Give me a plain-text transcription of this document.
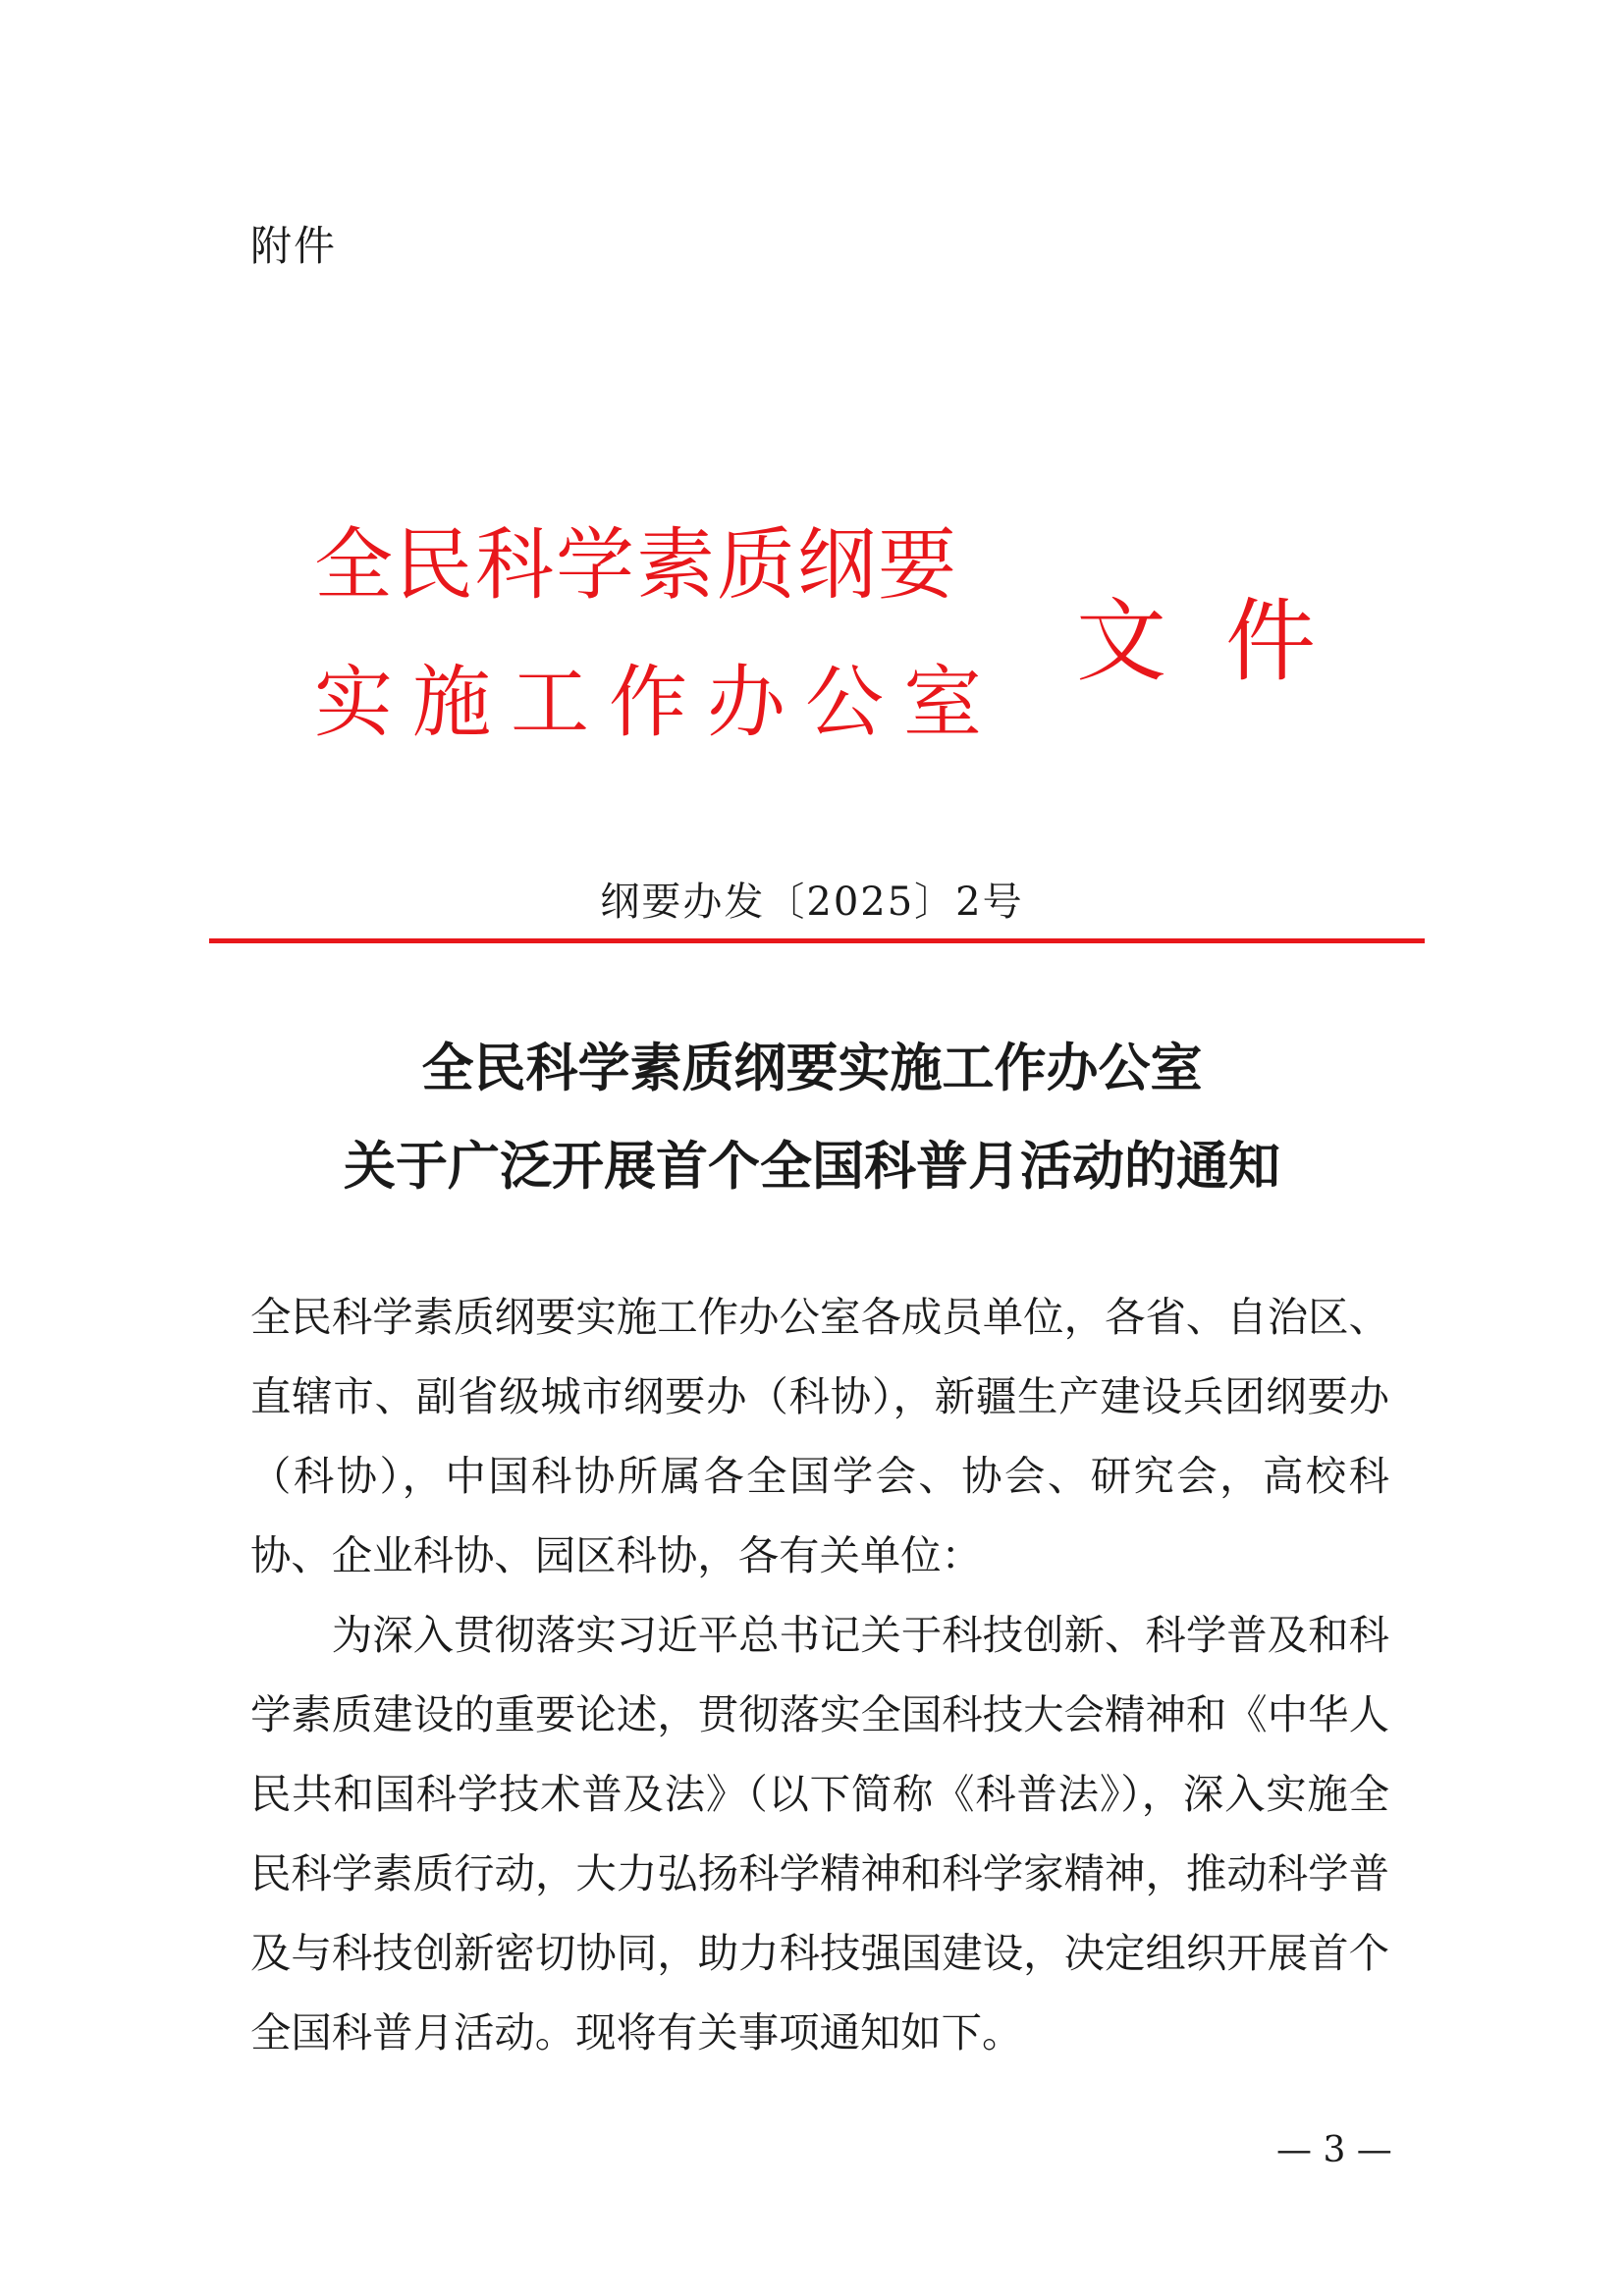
附件
全民科学素质纲要
实施工作办公室
文件
纲要办发〔2025〕2号
全民科学素质纲要实施工作办公室
关于广泛开展首个全国科普月活动的通知

全民科学素质纲要实施工作办公室各成员单位，各省、自治区、直辖市、副省级城市纲要办（科协），新疆生产建设兵团纲要办（科协），中国科协所属各全国学会、协会、研究会，高校科协、企业科协、园区科协，各有关单位：

为深入贯彻落实习近平总书记关于科技创新、科学普及和科学素质建设的重要论述，贯彻落实全国科技大会精神和《中华人民共和国科学技术普及法》（以下简称《科普法》），深入实施全民科学素质行动，大力弘扬科学精神和科学家精神，推动科学普及与科技创新密切协同，助力科技强国建设，决定组织开展首个全国科普月活动。现将有关事项通知如下。

— 3 —
